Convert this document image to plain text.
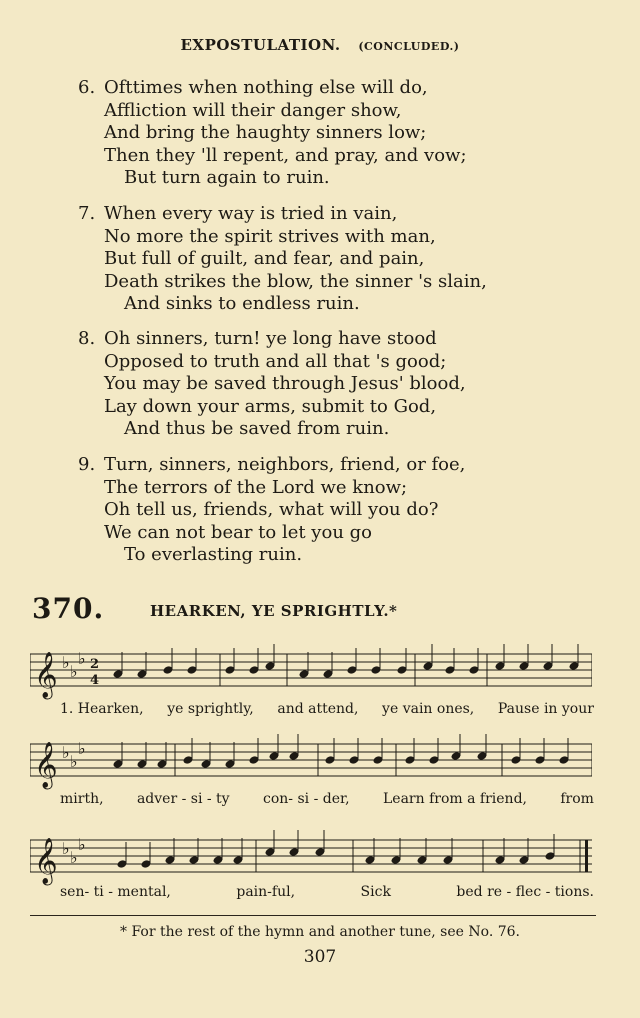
EXPOSTULATION. (CONCLUDED.)
6. Ofttimes when nothing else will do,
Affliction will their danger show,
And bring the haughty sinners low;
Then they 'll repent, and pray, and vow;
But turn again to ruin.
7. When every way is tried in vain,
No more the spirit strives with man,
But full of guilt, and fear, and pain,
Death strikes the blow, the sinner 's slain,
And sinks to endless ruin.
8. Oh sinners, turn! ye long have stood
Opposed to truth and all that 's good;
You may be saved through Jesus' blood,
Lay down your arms, submit to God,
And thus be saved from ruin.
9. Turn, sinners, neighbors, friend, or foe,
The terrors of the Lord we know;
Oh tell us, friends, what will you do?
We can not bear to let you go
To everlasting ruin.
370.	HEARKEN, YE SPRIGHTLY.*
𝄞 ♭ ♭
♭ 2
4
1. Hearken, ye sprightly, and attend, ye vain ones, Pause in your
𝄞 ♭ ♭
♭
mirth, adver - si - ty con- si - der, Learn from a friend, from
𝄞 ♭ ♭
♭
sen- ti - mental,	pain-ful,	Sick	bed re - flec - tions.
* For the rest of the hymn and another tune, see No. 76.
307
